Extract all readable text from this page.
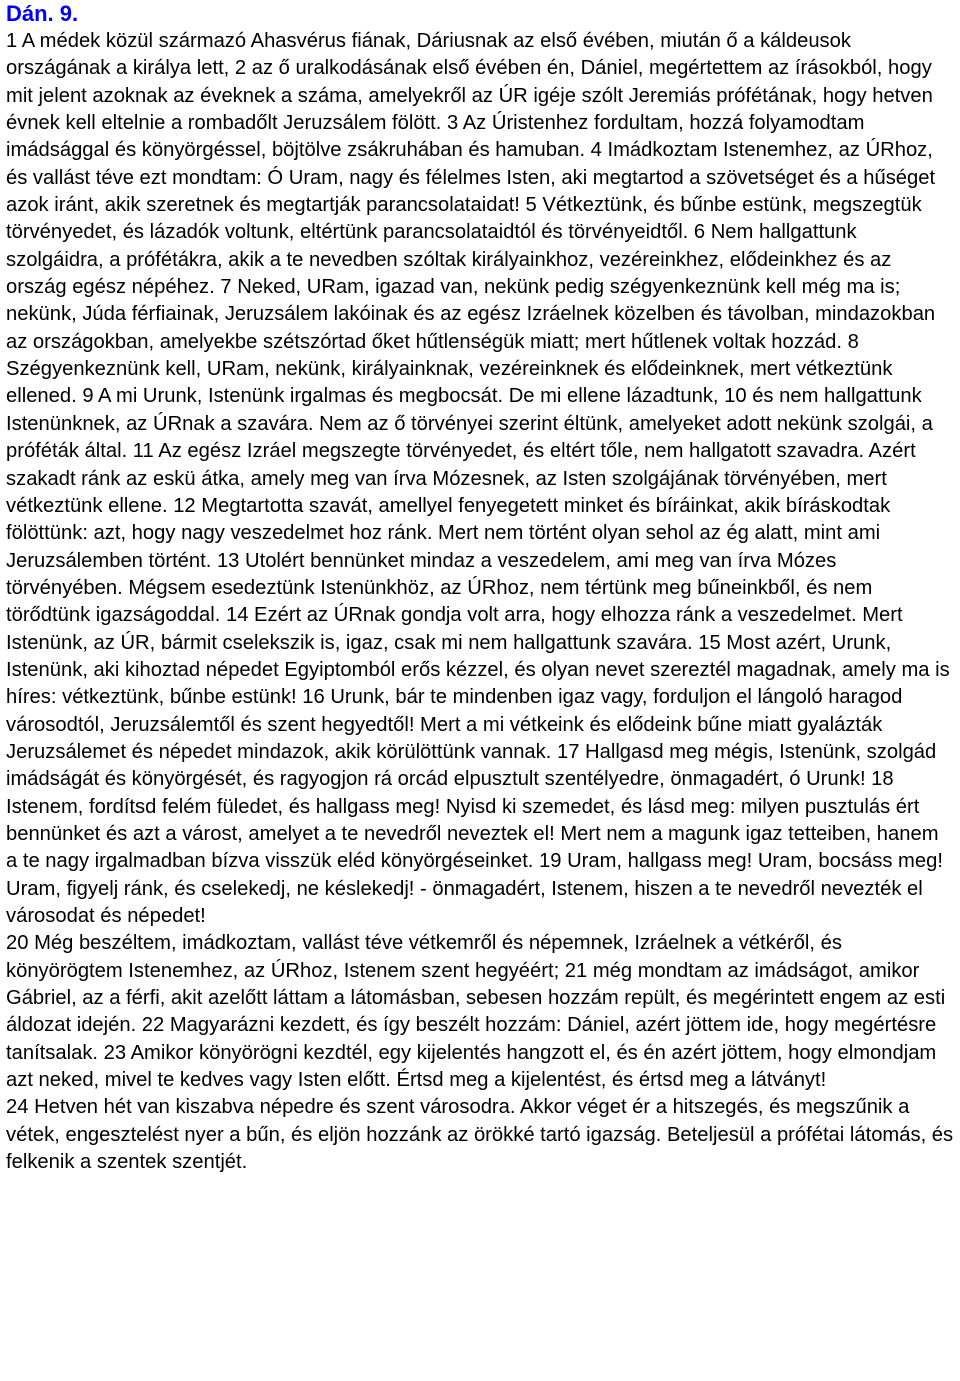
Dán. 9.

1 A médek közül származó Ahasvérus fiának, Dáriusnak az első évében, miután ő a káldeusok országának a királya lett, 2 az ő uralkodásának első évében én, Dániel, megértettem az írásokból, hogy mit jelent azoknak az éveknek a száma, amelyekről az ÚR igéje szólt Jeremiás prófétának, hogy hetven évnek kell eltelnie a rombadőlt Jeruzsálem fölött. 3 Az Úristenhez fordultam, hozzá folyamodtam imádsággal és könyörgéssel, böjtölve zsákruhában és hamuban. 4 Imádkoztam Istenemhez, az ÚRhoz, és vallást téve ezt mondtam: Ó Uram, nagy és félelmes Isten, aki megtartod a szövetséget és a hűséget azok iránt, akik szeretnek és megtartják parancsolataidat! 5 Vétkeztünk, és bűnbe estünk, megszegtük törvényedet, és lázadók voltunk, eltértünk parancsolataidtól és törvényeidtől. 6 Nem hallgattunk szolgáidra, a prófétákra, akik a te nevedben szóltak királyainkhoz, vezéreinkhez, elődeinkhez és az ország egész népéhez. 7 Neked, URam, igazad van, nekünk pedig szégyenkeznünk kell még ma is; nekünk, Júda férfiainak, Jeruzsálem lakóinak és az egész Izráelnek közelben és távolban, mindazokban az országokban, amelyekbe szétszórtad őket hűtlenségük miatt; mert hűtlenek voltak hozzád. 8 Szégyenkeznünk kell, URam, nekünk, királyainknak, vezéreinknek és elődeinknek, mert vétkeztünk ellened. 9 A mi Urunk, Istenünk irgalmas és megbocsát. De mi ellene lázadtunk, 10 és nem hallgattunk Istenünknek, az ÚRnak a szavára. Nem az ő törvényei szerint éltünk, amelyeket adott nekünk szolgái, a próféták által. 11 Az egész Izráel megszegte törvényedet, és eltért tőle, nem hallgatott szavadra. Azért szakadt ránk az eskü átka, amely meg van írva Mózesnek, az Isten szolgájának törvényében, mert vétkeztünk ellene. 12 Megtartotta szavát, amellyel fenyegetett minket és bíráinkat, akik bíráskodtak fölöttünk: azt, hogy nagy veszedelmet hoz ránk. Mert nem történt olyan sehol az ég alatt, mint ami Jeruzsálemben történt. 13 Utolért bennünket mindaz a veszedelem, ami meg van írva Mózes törvényében. Mégsem esedeztünk Istenünkhöz, az ÚRhoz, nem tértünk meg bűneinkből, és nem törődtünk igazságoddal. 14 Ezért az ÚRnak gondja volt arra, hogy elhozza ránk a veszedelmet. Mert Istenünk, az ÚR, bármit cselekszik is, igaz, csak mi nem hallgattunk szavára. 15 Most azért, Urunk, Istenünk, aki kihoztad népedet Egyiptomból erős kézzel, és olyan nevet szereztél magadnak, amely ma is híres: vétkeztünk, bűnbe estünk! 16 Urunk, bár te mindenben igaz vagy, forduljon el lángoló haragod városodtól, Jeruzsálemtől és szent hegyedtől! Mert a mi vétkeink és elődeink bűne miatt gyalázták Jeruzsálemet és népedet mindazok, akik körülöttünk vannak. 17 Hallgasd meg mégis, Istenünk, szolgád imádságát és könyörgését, és ragyogjon rá orcád elpusztult szentélyedre, önmagadért, ó Urunk! 18 Istenem, fordítsd felém füledet, és hallgass meg! Nyisd ki szemedet, és lásd meg: milyen pusztulás ért bennünket és azt a várost, amelyet a te nevedről neveztek el! Mert nem a magunk igaz tetteiben, hanem a te nagy irgalmadban bízva visszük eléd könyörgéseinket. 19 Uram, hallgass meg! Uram, bocsáss meg! Uram, figyelj ránk, és cselekedj, ne késlekedj! - önmagadért, Istenem, hiszen a te nevedről nevezték el városodat és népedet!

20 Még beszéltem, imádkoztam, vallást téve vétkemről és népemnek, Izráelnek a vétkéről, és könyörögtem Istenemhez, az ÚRhoz, Istenem szent hegyéért; 21 még mondtam az imádságot, amikor Gábriel, az a férfi, akit azelőtt láttam a látomásban, sebesen hozzám repült, és megérintett engem az esti áldozat idején. 22 Magyarázni kezdett, és így beszélt hozzám: Dániel, azért jöttem ide, hogy megértésre tanítsalak. 23 Amikor könyörögni kezdtél, egy kijelentés hangzott el, és én azért jöttem, hogy elmondjam azt neked, mivel te kedves vagy Isten előtt. Értsd meg a kijelentést, és értsd meg a látványt!

24 Hetven hét van kiszabva népedre és szent városodra. Akkor véget ér a hitszegés, és megszűnik a vétek, engesztelést nyer a bűn, és eljön hozzánk az örökké tartó igazság. Beteljesül a prófétai látomás, és felkenik a szentek szentjét.
